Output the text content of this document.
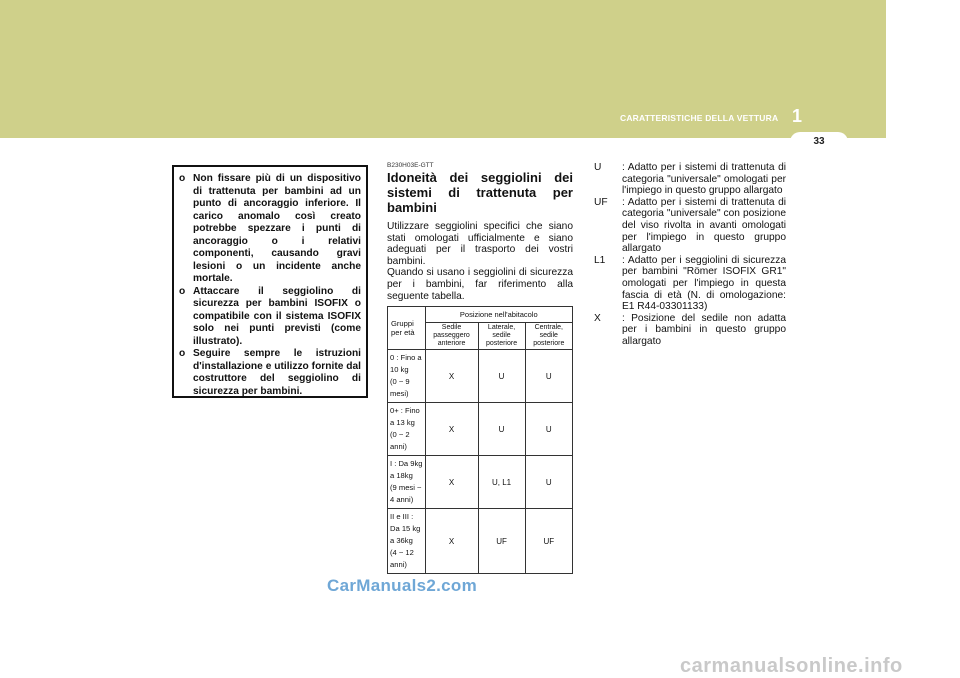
CARATTERISTICHE DELLA VETTURA 1
33
o Non fissare più di un dispositivo di trattenuta per bambini ad un punto di ancoraggio inferiore. Il carico anomalo così creato potrebbe spezzare i punti di ancoraggio o i relativi componenti, causando gravi lesioni o un incidente anche mortale.
o Attaccare il seggiolino di sicurezza per bambini ISOFIX o compatibile con il sistema ISOFIX solo nei punti previsti (come illustrato).
o Seguire sempre le istruzioni d'installazione e utilizzo fornite dal costruttore del seggiolino di sicurezza per bambini.
B230H03E-GTT
Idoneità dei seggiolini dei sistemi di trattenuta per bambini
Utilizzare seggiolini specifici che siano stati omologati ufficialmente e siano adeguati per il trasporto dei vostri bambini.
Quando si usano i seggiolini di sicurezza per i bambini, far riferimento alla seguente tabella.
Gruppi per età	Posizione nell'abitacolo		
	Sedile passeggero anteriore	Laterale, sedile posteriore	Centrale, sedile posteriore

0 : Fino a 10 kg
(0 ~ 9 mesi)	X	U	U

0+ : Fino a 13 kg
(0 ~ 2 anni)	X	U	U

I : Da 9kg a 18kg
(9 mesi ~ 4 anni)	X	U, L1	U

II e III : Da 15 kg
a 36kg
(4 ~ 12 anni)	X	UF	UF
U	: Adatto per i sistemi di trattenuta di categoria "universale" omologati per l'impiego in questo gruppo allargato
UF	: Adatto per i sistemi di trattenuta di categoria "universale" con posizione del viso rivolta in avanti omologati per l'impiego in questo gruppo allargato
L1	: Adatto per i seggiolini di sicurezza per bambini "Römer ISOFIX GR1" omologati per l'impiego in questa fascia di età (N. di omologazione: E1 R44-03301133)
X	: Posizione del sedile non adatta per i bambini in questo gruppo allargato
CarManuals2.com
carmanualsonline.info
